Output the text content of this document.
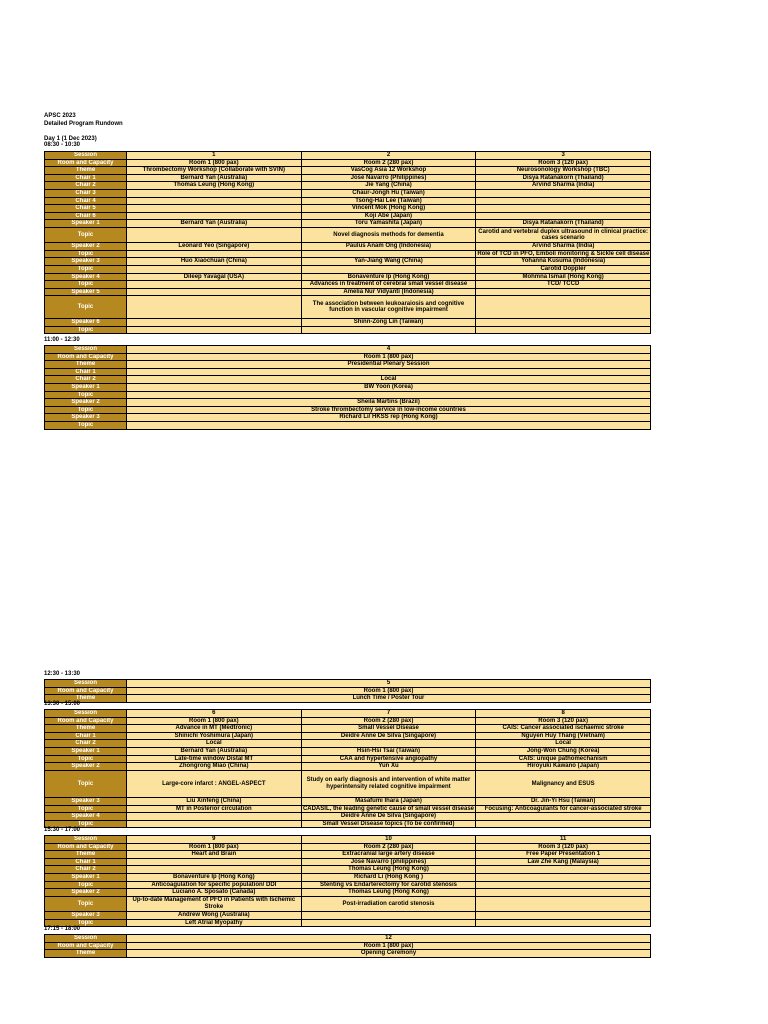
APSC 2023
Detailed Program Rundown
Day 1 (1 Dec 2023)
08:30 - 10:30
Session	1	2	3
Room and Capacity	Room 1 (800 pax)	Room 2 (280 pax)	Room 3 (120 pax)
Theme	Thrombectomy Workshop (Collaborate with SVIN)	VasCog Asia 12 Workshop	Neurosonology Workshop (TBC)
Chair 1	Bernard Yan (Australia)	Jose Navarro (Philippines)	Disya Ratanakorn (Thailand)
Chair 2	Thomas Leung (Hong Kong)	Jie Yang (China)	Arvind Sharma (India)
Chair 3		Chaur-Jongh Hu (Taiwan)	
Chair 4		Tsong-Hai Lee (Taiwan)	
Chair 5		Vincent Mok (Hong Kong)	
Chair 6		Koji Abe (Japan)	
Speaker 1	Bernard Yan (Australia)	Toru Yamashita (Japan)	Disya Ratanakorn (Thailand)
Topic		Novel diagnosis methods for dementia	Carotid and vertebral duplex ultrasound in clinical practice: cases scenario
Speaker 2	Leonard Yeo (Singapore)	Paulus Anam Ong (Indonesia)	Arvind Sharma (India)
Topic			Role of TCD in PFO, Emboli monitoring & Sickle cell disease
Speaker 3	Huo Xiaochuan (China)	Yan-Jiang Wang (China)	Yohanna Kusuma (Indonesia)
Topic			Carotid Doppler
Speaker 4	Dileep Yavagal (USA)	Bonaventure Ip (Hong Kong)	Mohmna Ismail (Hong Kong)
Topic		Advances in treatment of cerebral small vessel disease	TCD/ TCCD
Speaker 5		Amelia Nur Vidyanti (Indonesia)	
Topic		The association between leukoaraiosis and cognitive function in vascular cognitive impairment	
Speaker 6		Shinn-Zong Lin (Taiwan)	
Topic			
11:00 - 12:30
Session	4
Room and Capacity	Room 1 (800 pax)
Theme	Presidential Plenary Session
Chair 1	
Chair 2	Local
Speaker 1	BW Yoon (Korea)
Topic	
Speaker 2	Sheila Martins (Brazil)
Topic	Stroke thrombectomy service in low-income countries
Speaker 3	Richard Li/ HKSS rep (Hong Kong)
Topic	
12:30 - 13:30
Session	5
Room and Capacity	Room 1 (800 pax)
Theme	Lunch Time / Poster Tour
13:30 - 15:00
Session	6	7	8
Room and Capacity	Room 1 (800 pax)	Room 2 (280 pax)	Room 3 (120 pax)
Theme	Advance in MT (Medtronic)	Small Vessel Disease	CAIS: Cancer associated ischaemic stroke
Chair 1	Shinichi Yoshimura (Japan)	Deidre Anne De Silva (Singapore)	Nguyen Huy Thang (Vietnam)
Chair 2	Local		Local
Speaker 1	Bernard Yan (Australia)	Hsin-Hsi Tsai (Taiwan)	Jong-Won Chung (Korea)
Topic	Late-time window Distal MT	CAA and hypertensive angiopathy	CAIS: unique pathomechanism
Speaker 2	Zhongrong Miao (China)	Yun Xu	Hiroyuki Kawano (Japan)
Topic	Large-core infarct : ANGEL-ASPECT	Study on early diagnosis and intervention of white matter hyperintensity related cognitive impairment	Malignancy and ESUS
Speaker 3	Liu Xinfeng (China)	Masafumi Ihara (Japan)	Dr. Jin-Yi Hsu (Taiwan)
Topic	MT in Posterior circulation	CADASIL, the leading genetic cause of small vessel disease	Focusing: Anticoagulants for cancer-associated stroke
Speaker 4		Deidre Anne De Silva (Singapore)	
Topic		Small Vessel Disease topics (To be confirmed)	
15:30 - 17:00
Session	9	10	11
Room and Capacity	Room 1 (800 pax)	Room 2 (280 pax)	Room 3 (120 pax)
Theme	Heart and Brain	Extracranial large artery disease	Free Paper Presentation 1
Chair 1		Jose Navarro (philippines)	Law Zhe Kang (Malaysia)
Chair 2		Thomas Leung (Hong Kong)	
Speaker 1	Bonaventure Ip (Hong Kong)	Richard Li (Hong Kong )	
Topic	Anticoagulation for specific population/ DDI	Stenting vs Endarterectomy for carotid stenosis	
Speaker 2	Luciano A. Sposato (Canada)	Thomas Leung (Hong Kong)	
Topic	Up-to-date Management of PFO in Patients with Ischemic Stroke	Post-irradiation carotid stenosis	
Speaker 3	Andrew Wong (Australia)		
Topic	Left Atrial Myopathy		
17:15 - 18:00
Session	12
Room and Capacity	Room 1 (800 pax)
Theme	Opening Ceremony
